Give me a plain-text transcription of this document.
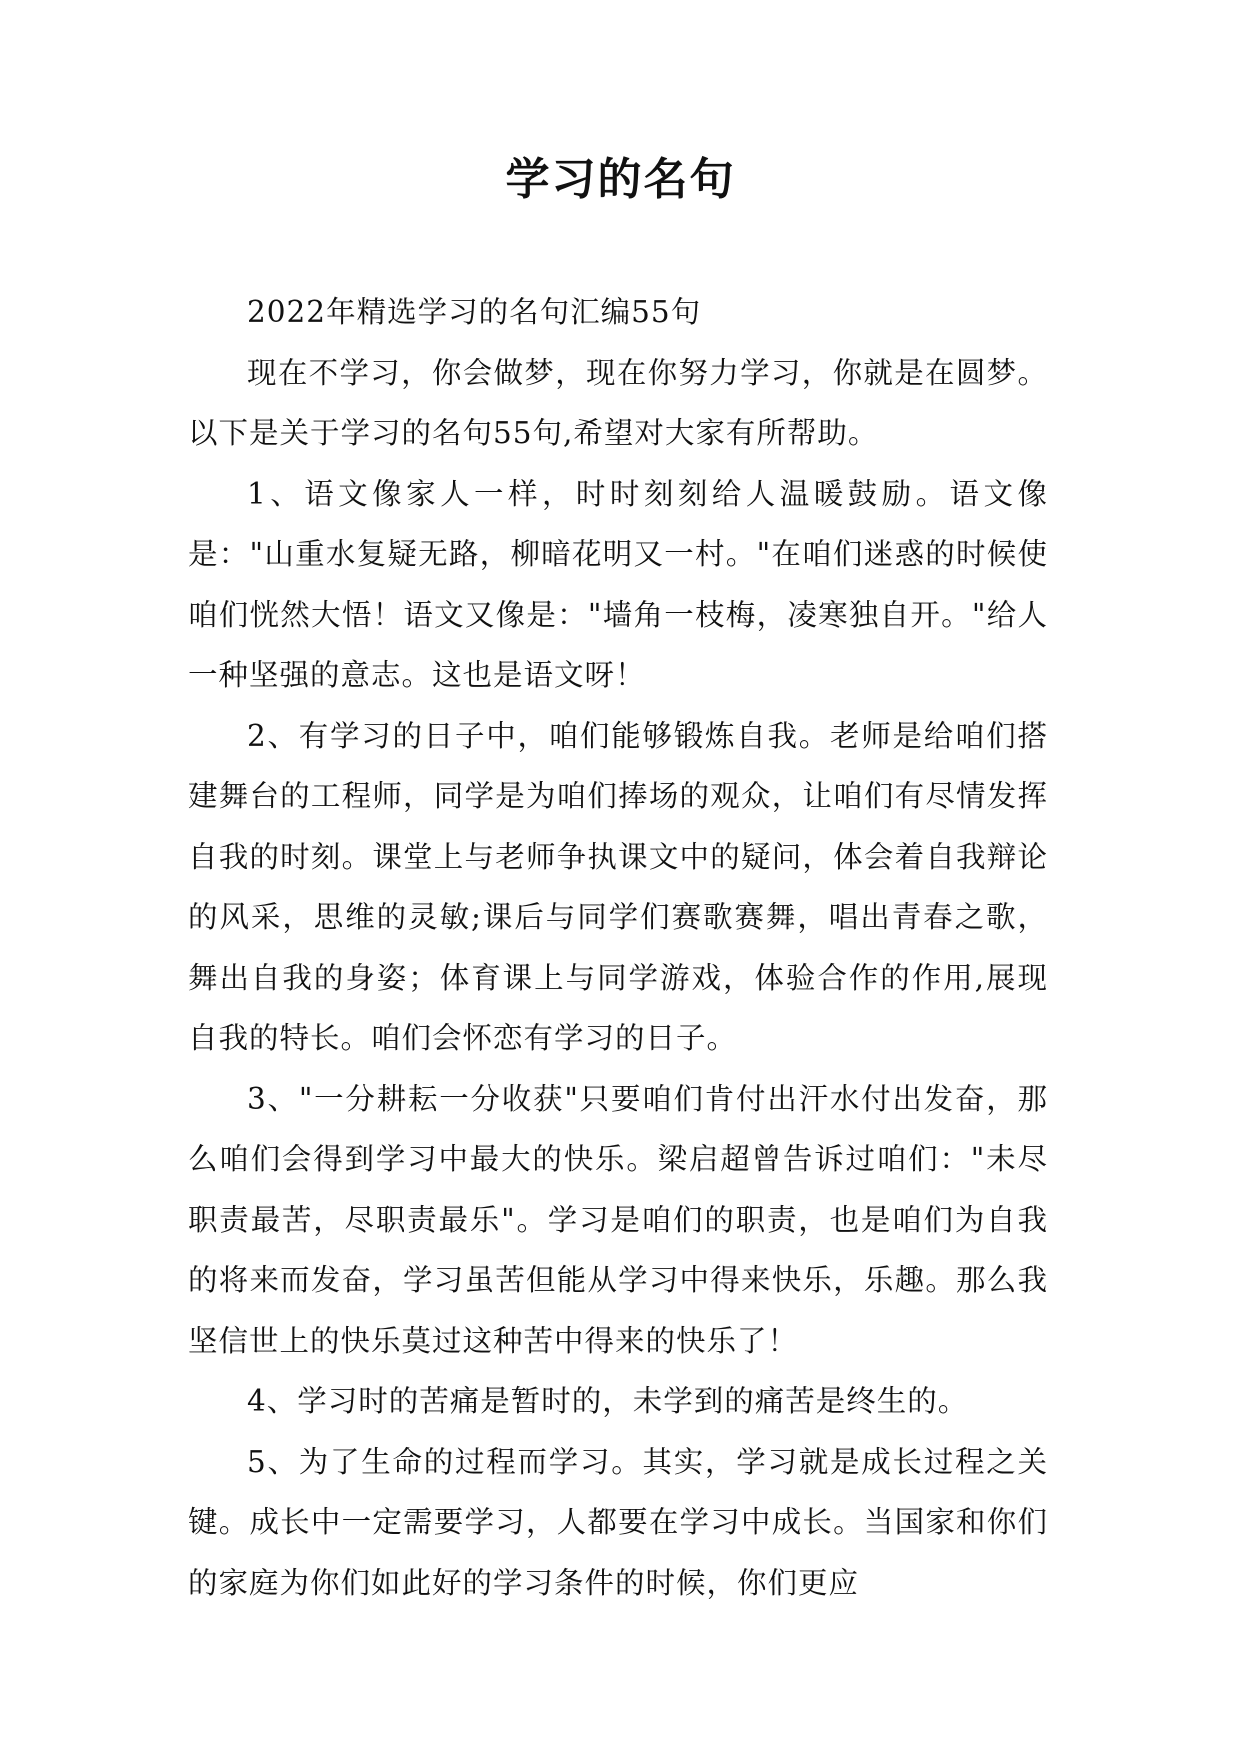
学习的名句

2022年精选学习的名句汇编55句

现在不学习，你会做梦，现在你努力学习，你就是在圆梦。以下是关于学习的名句55句,希望对大家有所帮助。

1、语文像家人一样，时时刻刻给人温暖鼓励。语文像是："山重水复疑无路，柳暗花明又一村。"在咱们迷惑的时候使咱们恍然大悟！语文又像是："墙角一枝梅，凌寒独自开。"给人一种坚强的意志。这也是语文呀！

2、有学习的日子中，咱们能够锻炼自我。老师是给咱们搭建舞台的工程师，同学是为咱们捧场的观众，让咱们有尽情发挥自我的时刻。课堂上与老师争执课文中的疑问，体会着自我辩论的风采，思维的灵敏;课后与同学们赛歌赛舞，唱出青春之歌，舞出自我的身姿；体育课上与同学游戏，体验合作的作用,展现自我的特长。咱们会怀恋有学习的日子。

3、"一分耕耘一分收获"只要咱们肯付出汗水付出发奋，那么咱们会得到学习中最大的快乐。梁启超曾告诉过咱们："未尽职责最苦，尽职责最乐"。学习是咱们的职责，也是咱们为自我的将来而发奋，学习虽苦但能从学习中得来快乐，乐趣。那么我坚信世上的快乐莫过这种苦中得来的快乐了！

4、学习时的苦痛是暂时的，未学到的痛苦是终生的。

5、为了生命的过程而学习。其实，学习就是成长过程之关键。成长中一定需要学习，人都要在学习中成长。当国家和你们的家庭为你们如此好的学习条件的时候，你们更应
